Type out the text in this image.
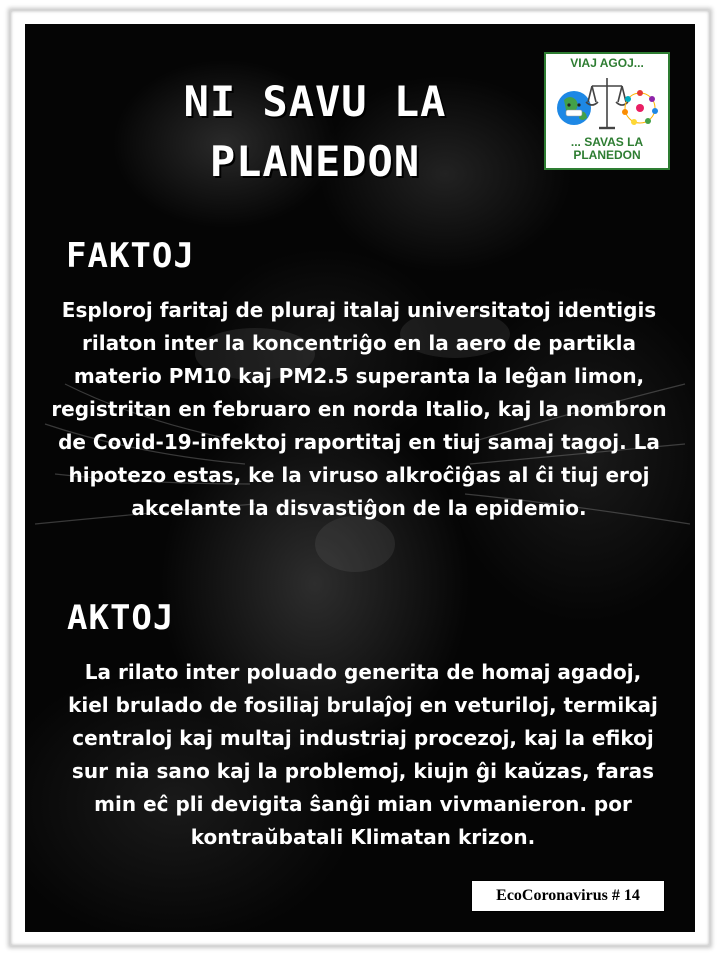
NI SAVU LA
PLANEDON
VIAJ AGOJ...
... SAVAS LA
PLANEDON
FAKTOJ
Esploroj faritaj de pluraj italaj universitatoj identigis rilaton inter la koncentriĝo en la aero de partikla materio PM10 kaj PM2.5 superanta la leĝan limon, registritan en februaro en norda Italio, kaj la nombron de Covid-19-infektoj raportitaj en tiuj samaj tagoj. La hipotezo estas, ke la viruso alkroĉiĝas al ĉi tiuj eroj akcelante la disvastiĝon de la epidemio.
AKTOJ
La rilato inter poluado generita de homaj agadoj, kiel brulado de fosiliaj brulaĵoj en veturiloj, termikaj centraloj kaj multaj industriaj procezoj, kaj la efikoj sur nia sano kaj la problemoj, kiujn ĝi kaŭzas, faras min eĉ pli devigita ŝanĝi mian vivmanieron. por kontraŭbatali Klimatan krizon.
EcoCoronavirus # 14
